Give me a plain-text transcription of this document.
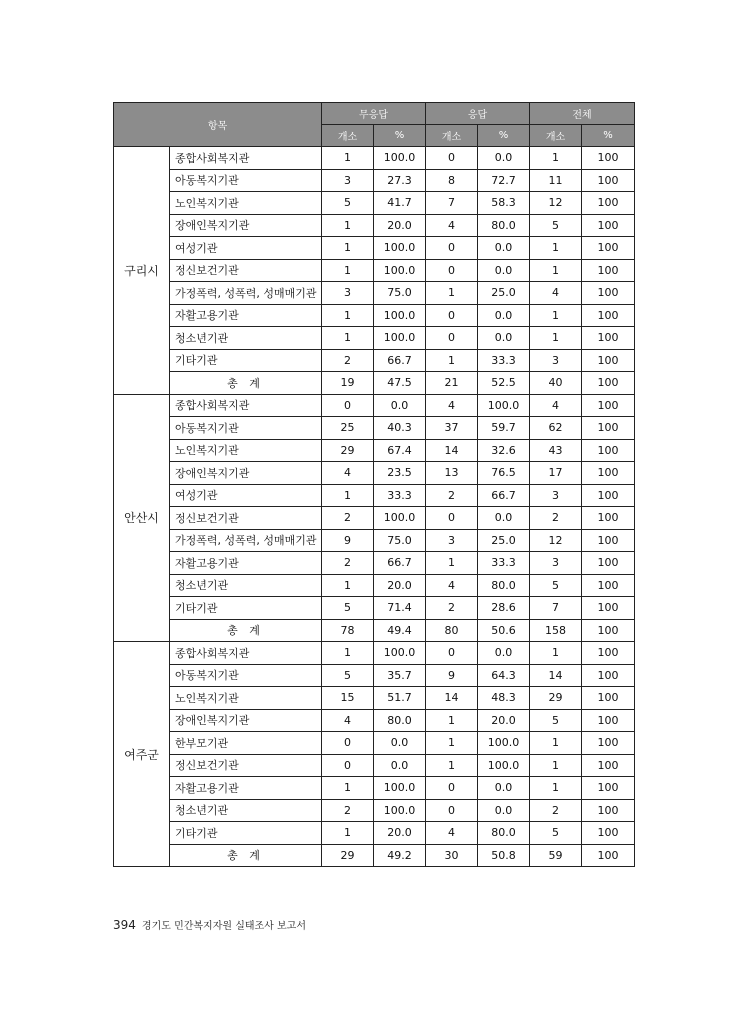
항목		무응답		응답		전체	
		개소	%	개소	%	개소	%
구리시	종합사회복지관	1	100.0	0	0.0	1	100
	아동복지기관	3	27.3	8	72.7	11	100
	노인복지기관	5	41.7	7	58.3	12	100
	장애인복지기관	1	20.0	4	80.0	5	100
	여성기관	1	100.0	0	0.0	1	100
	정신보건기관	1	100.0	0	0.0	1	100
	가정폭력, 성폭력, 성매매기관	3	75.0	1	25.0	4	100
	자활고용기관	1	100.0	0	0.0	1	100
	청소년기관	1	100.0	0	0.0	1	100
	기타기관	2	66.7	1	33.3	3	100
	총 계	19	47.5	21	52.5	40	100
안산시	종합사회복지관	0	0.0	4	100.0	4	100
	아동복지기관	25	40.3	37	59.7	62	100
	노인복지기관	29	67.4	14	32.6	43	100
	장애인복지기관	4	23.5	13	76.5	17	100
	여성기관	1	33.3	2	66.7	3	100
	정신보건기관	2	100.0	0	0.0	2	100
	가정폭력, 성폭력, 성매매기관	9	75.0	3	25.0	12	100
	자활고용기관	2	66.7	1	33.3	3	100
	청소년기관	1	20.0	4	80.0	5	100
	기타기관	5	71.4	2	28.6	7	100
	총 계	78	49.4	80	50.6	158	100
여주군	종합사회복지관	1	100.0	0	0.0	1	100
	아동복지기관	5	35.7	9	64.3	14	100
	노인복지기관	15	51.7	14	48.3	29	100
	장애인복지기관	4	80.0	1	20.0	5	100
	한부모기관	0	0.0	1	100.0	1	100
	정신보건기관	0	0.0	1	100.0	1	100
	자활고용기관	1	100.0	0	0.0	1	100
	청소년기관	2	100.0	0	0.0	2	100
	기타기관	1	20.0	4	80.0	5	100
	총 계	29	49.2	30	50.8	59	100
394 경기도 민간복지자원 실태조사 보고서
